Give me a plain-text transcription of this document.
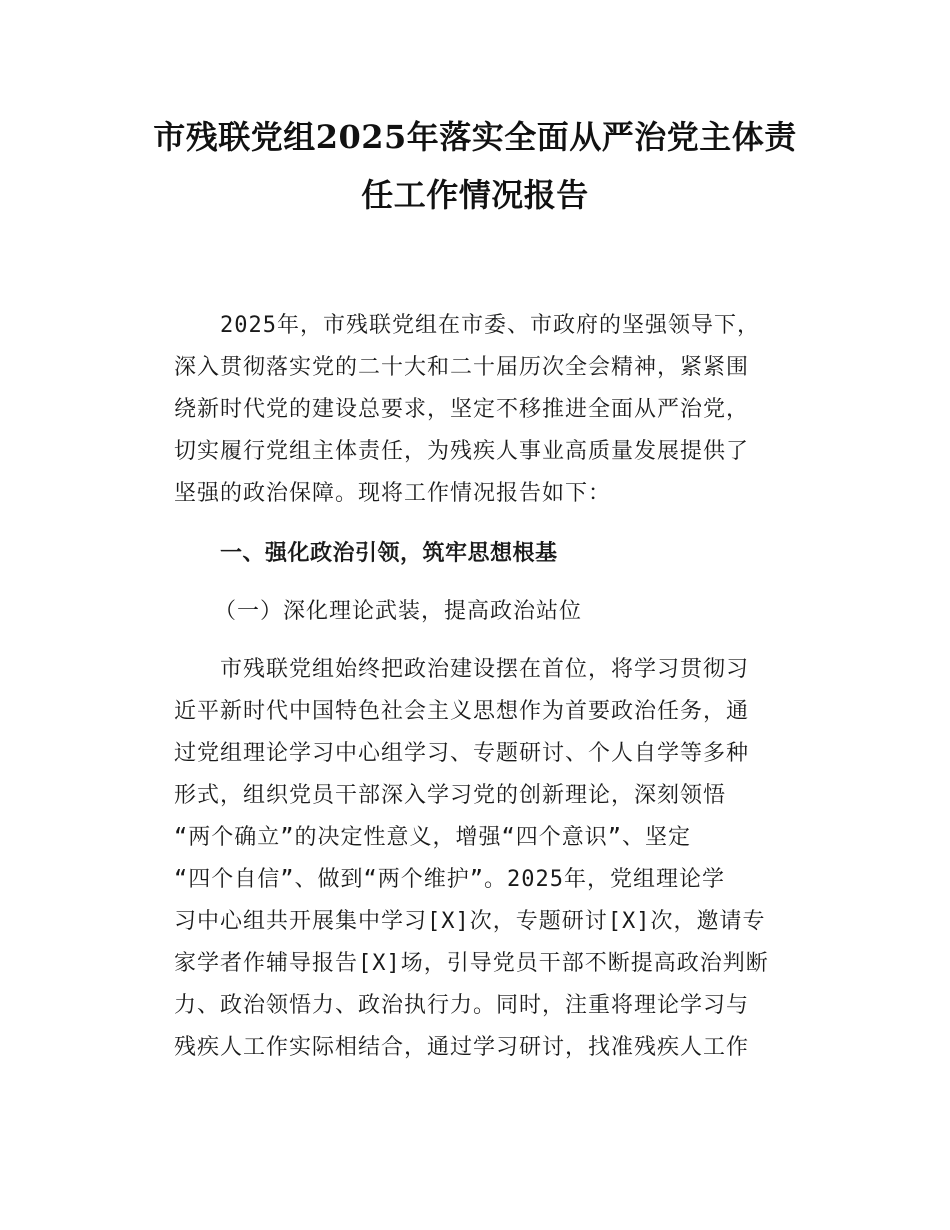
市残联党组2025年落实全面从严治党主体责
任工作情况报告
2025年，市残联党组在市委、市政府的坚强领导下，
深入贯彻落实党的二十大和二十届历次全会精神，紧紧围
绕新时代党的建设总要求，坚定不移推进全面从严治党，
切实履行党组主体责任，为残疾人事业高质量发展提供了
坚强的政治保障。现将工作情况报告如下：
一、强化政治引领，筑牢思想根基
（一）深化理论武装，提高政治站位
市残联党组始终把政治建设摆在首位，将学习贯彻习
近平新时代中国特色社会主义思想作为首要政治任务，通
过党组理论学习中心组学习、专题研讨、个人自学等多种
形式，组织党员干部深入学习党的创新理论，深刻领悟
“两个确立”的决定性意义，增强“四个意识”、坚定
“四个自信”、做到“两个维护”。2025年，党组理论学
习中心组共开展集中学习[X]次，专题研讨[X]次，邀请专
家学者作辅导报告[X]场，引导党员干部不断提高政治判断
力、政治领悟力、政治执行力。同时，注重将理论学习与
残疾人工作实际相结合，通过学习研讨，找准残疾人工作
